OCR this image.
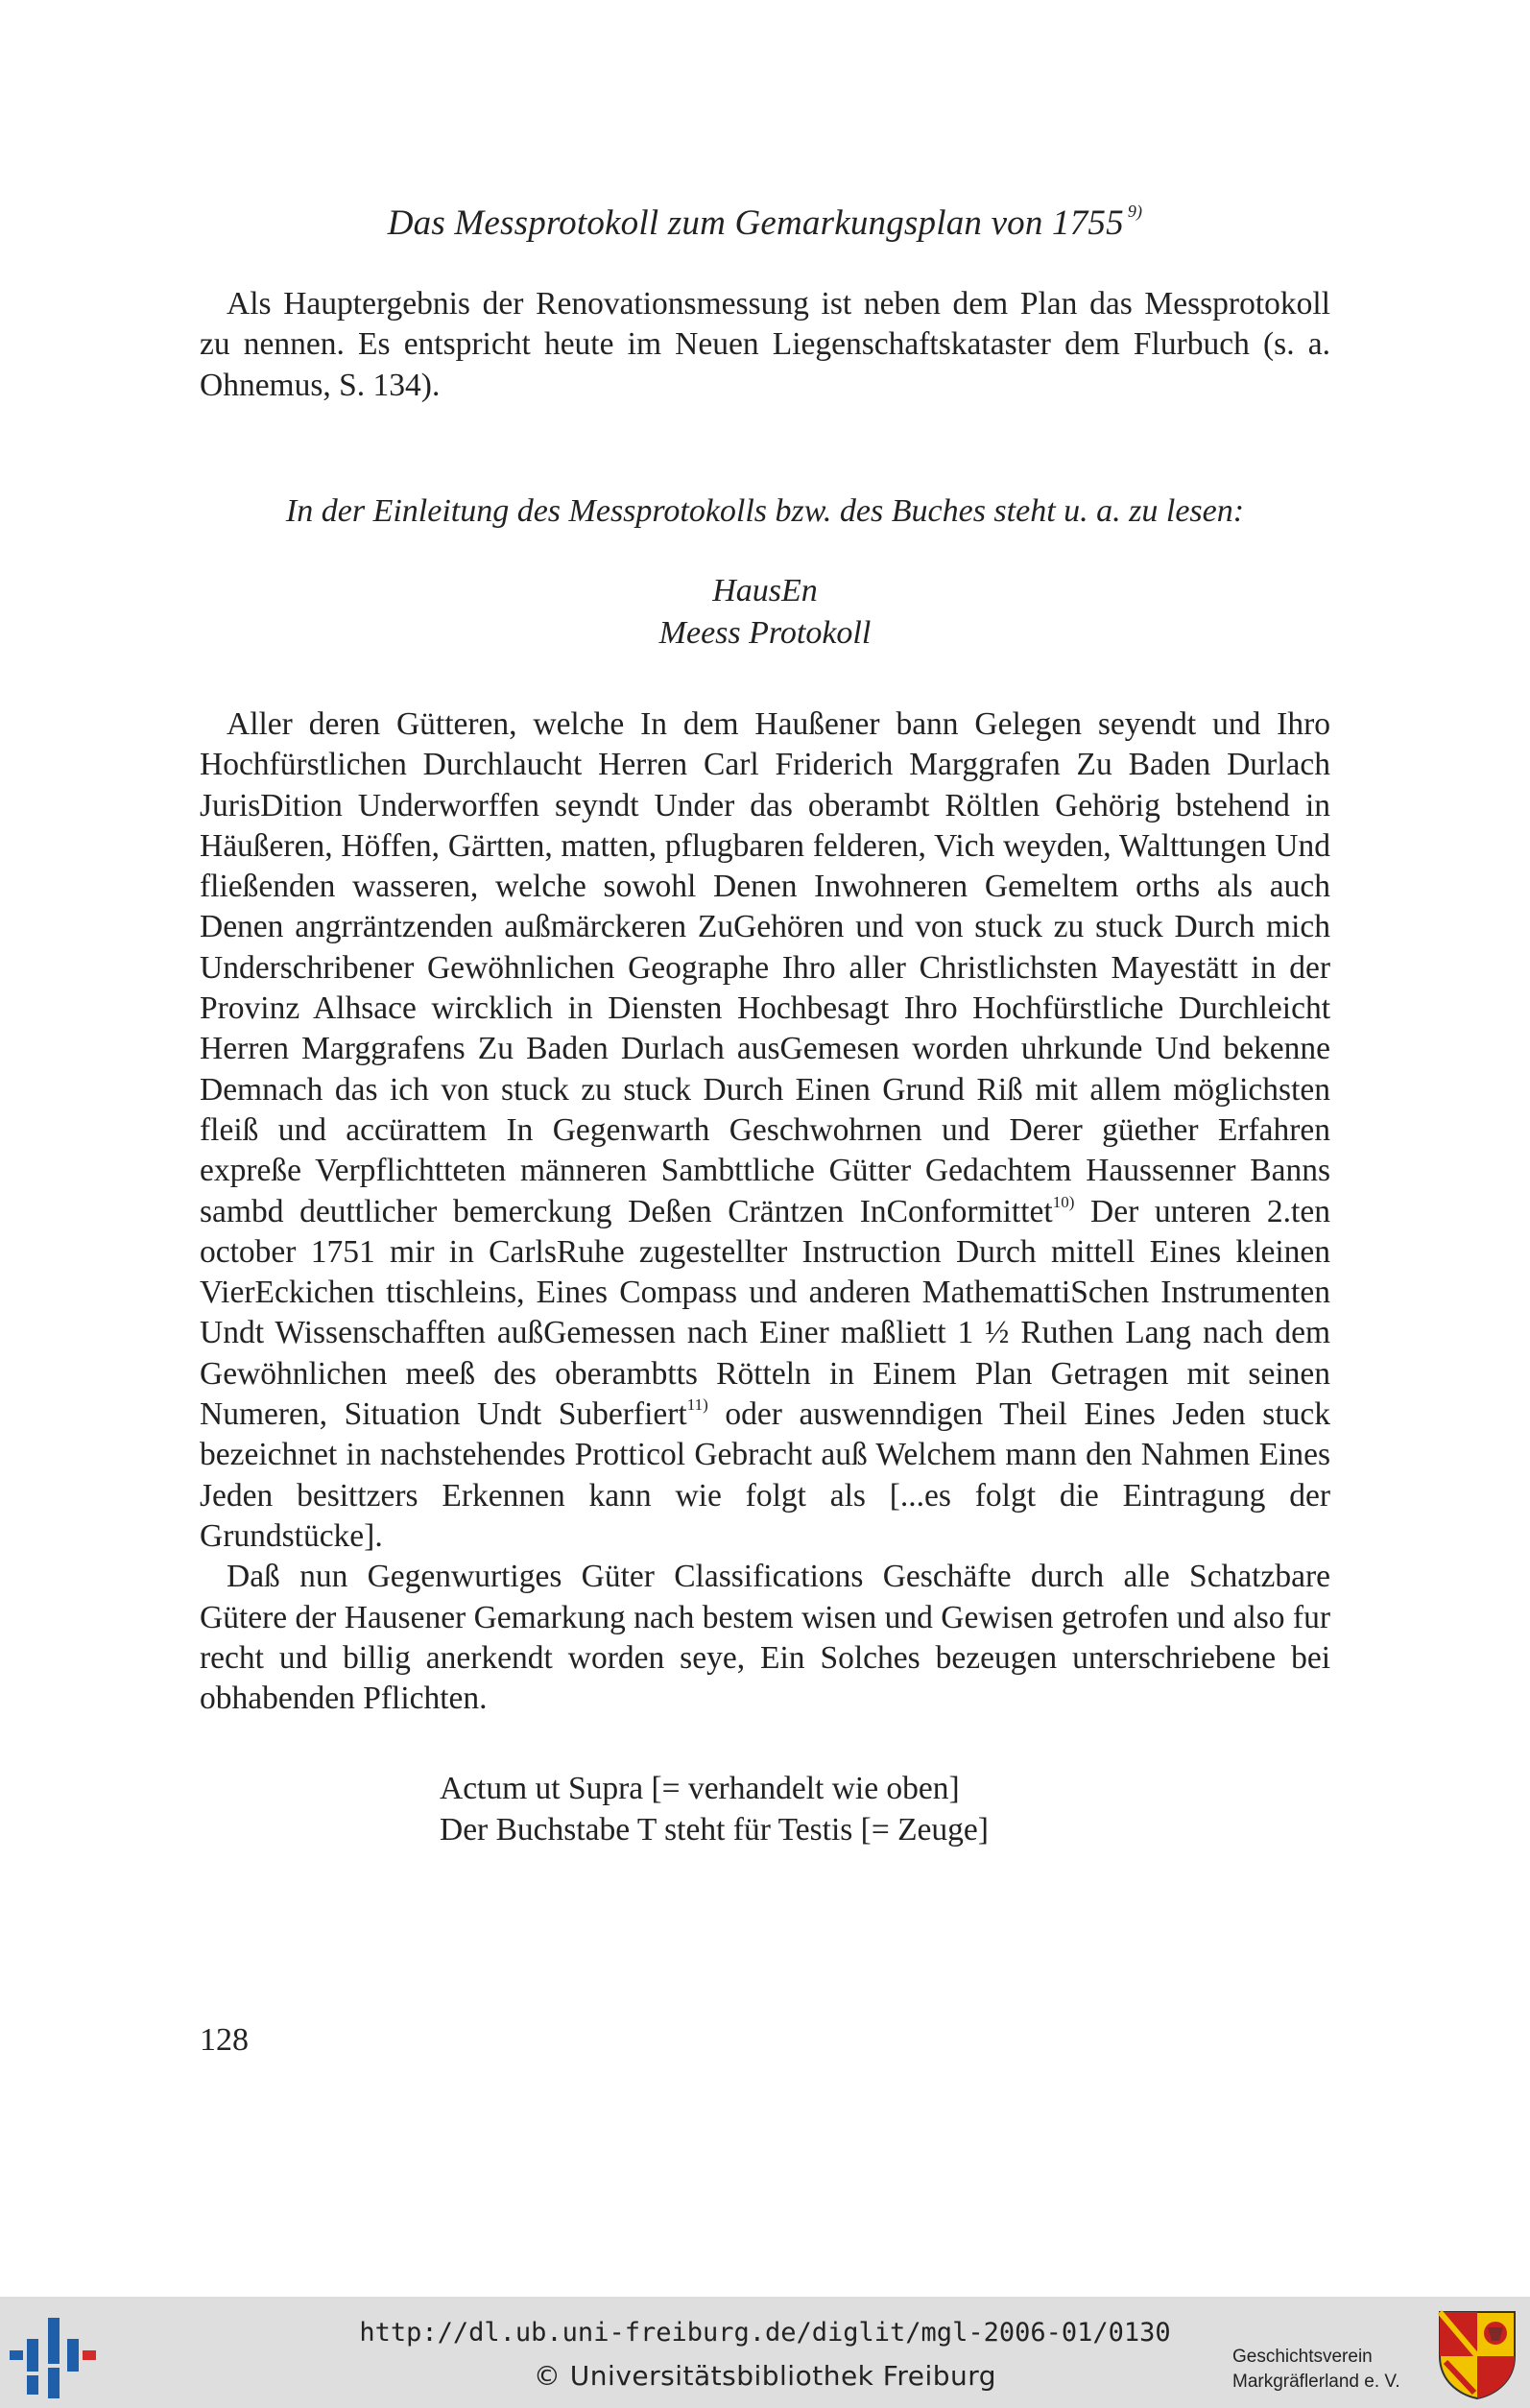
Das Messprotokoll zum Gemarkungsplan von 1755 $^{9)}$

Als Hauptergebnis der Renovationsmessung ist neben dem Plan das Messprotokoll zu nennen. Es entspricht heute im Neuen Liegenschaftskataster dem Flurbuch (s. a. Ohnemus, S. 134).

In der Einleitung des Messprotokolls bzw. des Buches steht u. a. zu lesen:
HausEn
Meess Protokoll

Aller deren Gütteren, welche In dem Haußener bann Gelegen seyendt und Ihro Hochfürstlichen Durchlaucht Herren Carl Friderich Marggrafen Zu Baden Durlach JurisDition Underworffen seyndt Under das oberambt Röltlen Gehörig bstehend in Häußeren, Höffen, Gärtten, matten, pflugbaren felderen, Vich weyden, Walttungen Und fließenden wasseren, welche sowohl Denen Inwohneren Gemeltem orths als auch Denen angrräntzenden außmärckeren ZuGehören und von stuck zu stuck Durch mich Underschribener Gewöhnlichen Geographe Ihro aller Christlichsten Mayestätt in der Provinz Alhsace wircklich in Diensten Hochbesagt Ihro Hochfürstliche Durchleicht Herren Marggrafens Zu Baden Durlach ausGemesen worden uhrkunde Und bekenne Demnach das ich von stuck zu stuck Durch Einen Grund Riß mit allem möglichsten fleiß und accürattem In Gegenwarth Geschwohrnen und Derer güether Erfahren expreße Verpflichtteten männeren Sambttliche Gütter Gedachtem Haussenner Banns sambd deuttlicher bemerckung Deßen Cräntzen InConformittet$^{10)}$ Der unteren 2.ten october 1751 mir in CarlsRuhe zugestellter Instruction Durch mittell Eines kleinen VierEckichen ttischleins, Eines Compass und anderen MathemattiSchen Instrumenten Undt Wissenschafften außGemessen nach Einer maßliett 1 ½ Ruthen Lang nach dem Gewöhnlichen meeß des oberambtts Rötteln in Einem Plan Getragen mit seinen Numeren, Situation Undt Suberfiert$^{11)}$ oder auswenndigen Theil Eines Jeden stuck bezeichnet in nachstehendes Protticol Gebracht auß Welchem mann den Nahmen Eines Jeden besittzers Erkennen kann wie folgt als [...es folgt die Eintragung der Grundstücke].

Daß nun Gegenwurtiges Güter Classifications Geschäfte durch alle Schatzbare Gütere der Hausener Gemarkung nach bestem wisen und Gewisen getrofen und also fur recht und billig anerkendt worden seye, Ein Solches bezeugen unterschriebene bei obhabenden Pflichten.

Actum ut Supra [= verhandelt wie oben]
Der Buchstabe T steht für Testis [= Zeuge]
128
http://dl.ub.uni-freiburg.de/diglit/mgl-2006-01/0130
© Universitätsbibliothek Freiburg
Geschichtsverein
Markgräflerland e. V.
